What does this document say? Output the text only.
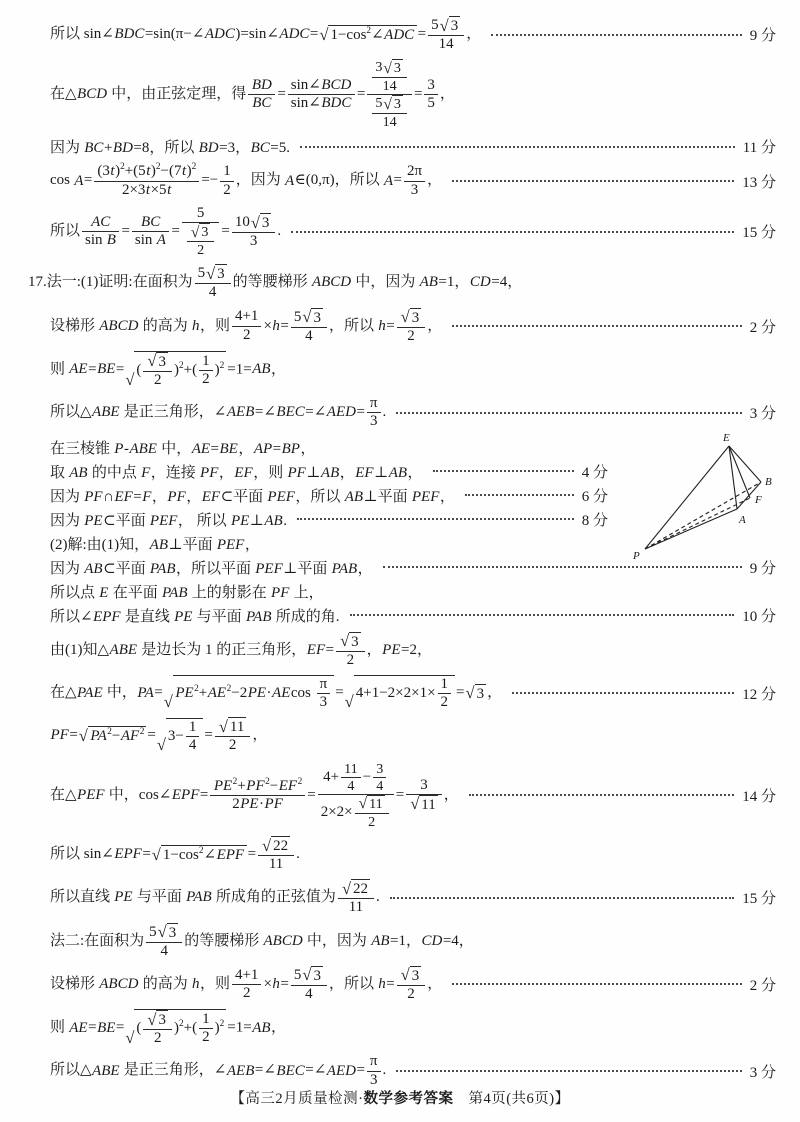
所以 sin∠BDC=sin(π−∠ADC)=sin∠ADC= √ $1-\cos^2\angle ADC = \frac{5 √ 3}{14}$ ，	9 分
在△BCD 中，由正弦定理，得 $\frac{BD}{BC} = \frac{\text{sin∠BCD}}{\text{sin∠BDC}} = \frac{\frac{3 √ 3}{14}}{\frac{5 √ 3}{14}} = \frac{3}{5}$ ，
因为 BC+BD=8，所以 BD=3，BC=5.	11 分
$\cos A= \frac{(3t)^2+(5t)^2-(7t)^2}{2\times 3t\times 5t} =- \frac{1}{2}$ ，因为 A∈(0,π)，所以 $A= \frac{2\pi}{3}$ ，	13 分
所以 $\frac{AC}{\text{sin B}} = \frac{BC}{\text{sin A}} = \frac{5}{\frac{√ 3}{2}} = \frac{10 √ 3}{3}$ .	15 分
17.法一:(1)证明:在面积为 $\frac{5 √ 3}{4}$ 的等腰梯形 ABCD 中，因为 AB=1，CD=4，
设梯形 ABCD 的高为 h，则 $\frac{4+1}{2} \times h= \frac{5 √ 3}{4}$ ，所以 $h= \frac{√ 3}{2}$ ，	2 分
则 AE=BE=
√ ( $\frac{√ 3}{2} )^2+( \frac{1}{2} )^2 =1=AB$，
所以△ABE 是正三角形，∠AEB=∠BEC=∠AED= $\frac{\pi}{3}$ .	3 分
在三棱锥 P-ABE 中，AE=BE，AP=BP，
取 AB 的中点 F，连接 PF，EF，则 PF⊥AB，EF⊥AB，	4 分
因为 PF∩EF=F，PF，EF⊂平面 PEF，所以 AB⊥平面 PEF，	6 分
因为 PE⊂平面 PEF， 所以 PE⊥AB.	8 分
(2)解:由(1)知，AB⊥平面 PEF，
因为 AB⊂平面 PAB，所以平面 PEF⊥平面 PAB，	9 分
所以点 E 在平面 PAB 上的射影在 PF 上，
所以∠EPF 是直线 PE 与平面 PAB 所成的角.	10 分
由(1)知△ABE 是边长为 1 的正三角形，$EF= \frac{√ 3}{2}$ ，PE=2，
在△PAE 中，PA= √ $PE^2+AE^2-2PE\cdot AEcos \frac{\pi}{3}$ = √ $4+1-2\times 2\times 1\times \frac{1}{2}$ = √ 3 ，	12 分
PF= √ $PA^2-AF^2$ = √ $3- \frac{1}{4} = \frac{√ 11}{2}$ ，
在△PEF 中，cos∠EPF= $\frac{PE^2+PF^2-EF^2}{2PE\cdot PF} = \frac{4+ \frac{11}{4} - \frac{3}{4}}{2\times 2\times \frac{√ 11}{2}} = \frac{3}{√ 11}$ ，	14 分
所以 sin∠EPF= √ $1-\cos^2\angle EPF = \frac{√ 22}{11}$ .
所以直线 PE 与平面 PAB 所成角的正弦值为 $\frac{√ 22}{11}$ .	15 分
法二:在面积为 $\frac{5 √ 3}{4}$ 的等腰梯形 ABCD 中，因为 AB=1，CD=4，
设梯形 ABCD 的高为 h，则 $\frac{4+1}{2} \times h= \frac{5 √ 3}{4}$ ，所以 $h= \frac{√ 3}{2}$ ，	2 分
则 AE=BE=
√ ( $\frac{√ 3}{2} )^2+( \frac{1}{2} )^2 =1=AB$，
所以△ABE 是正三角形，∠AEB=∠BEC=∠AED= $\frac{\pi}{3}$ .	3 分
E
B
F
A
P
【高三2月质量检测·数学参考答案　第4页(共6页)】
